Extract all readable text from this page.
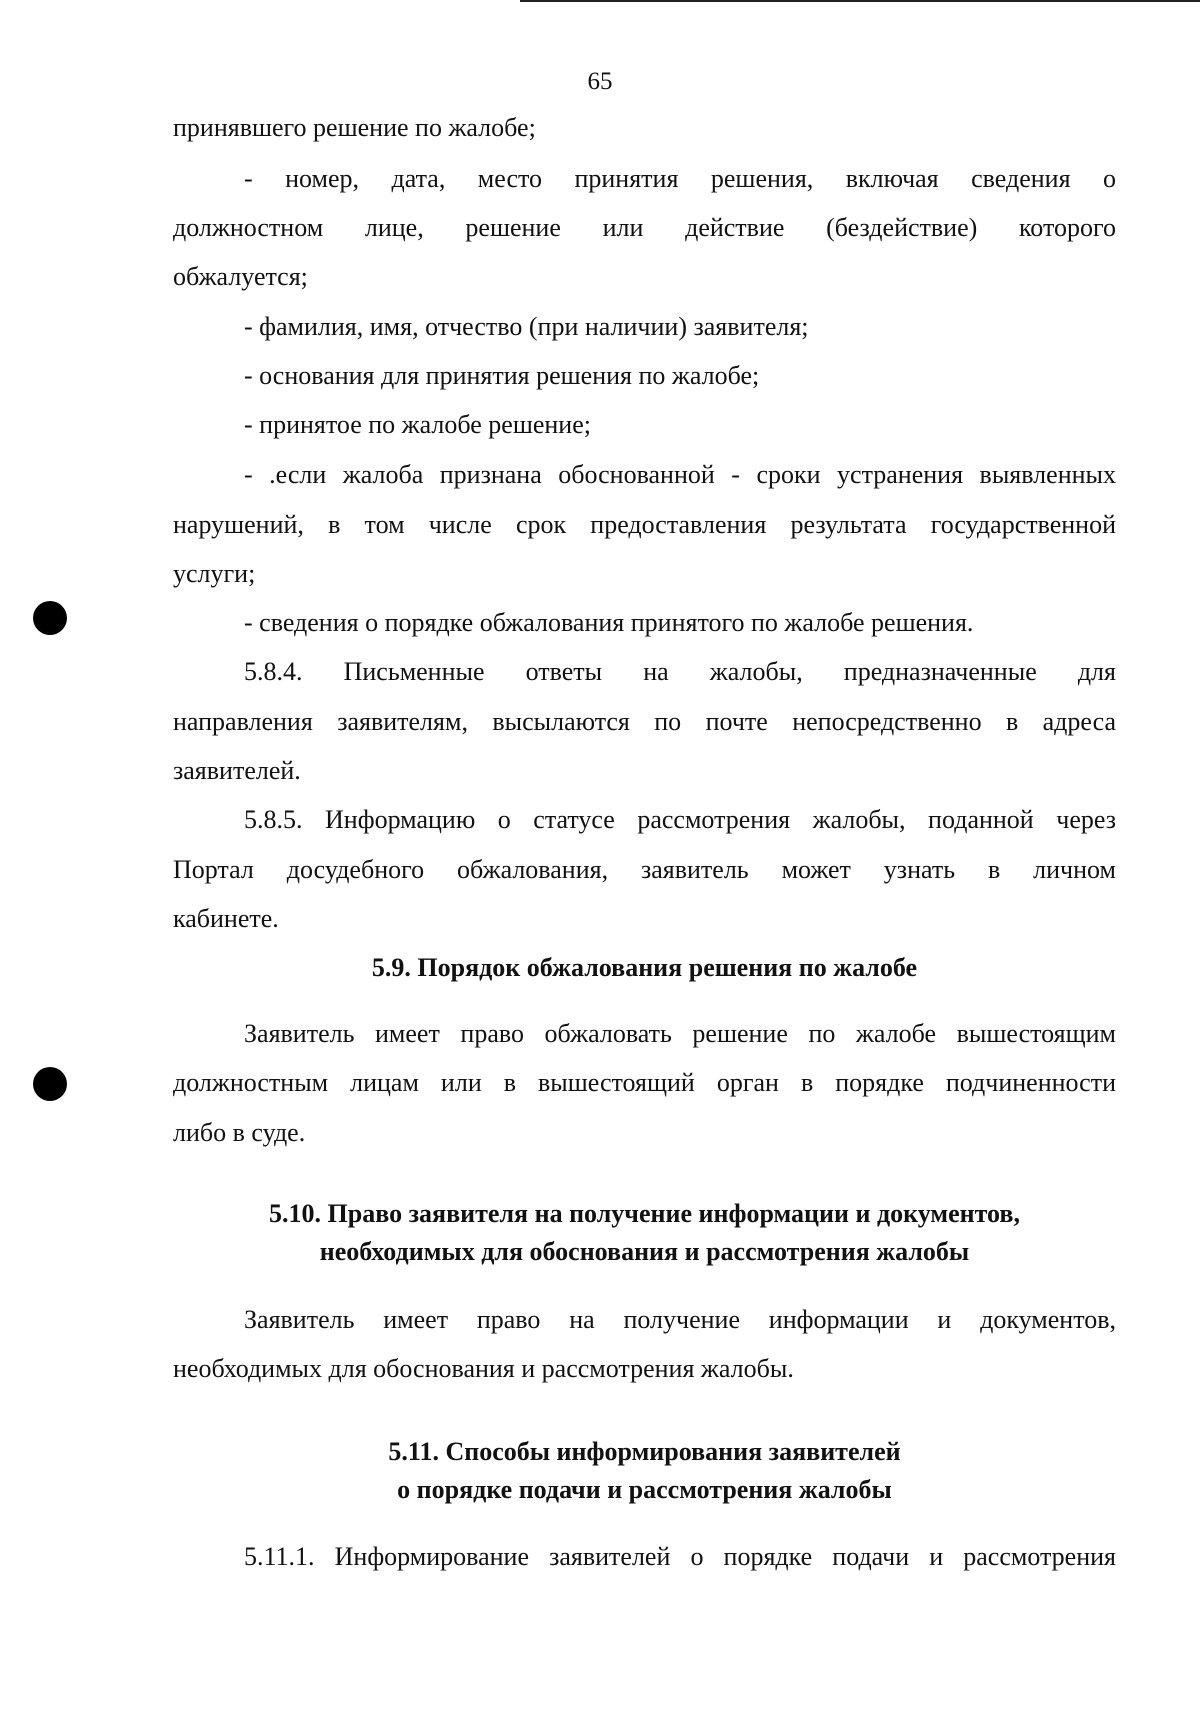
65
принявшего решение по жалобе;
- номер, дата, место принятия решения, включая сведения о
должностном лице, решение или действие (бездействие) которого
обжалуется;
- фамилия, имя, отчество (при наличии) заявителя;
- основания для принятия решения по жалобе;
- принятое по жалобе решение;
- .если жалоба признана обоснованной - сроки устранения выявленных
нарушений, в том числе срок предоставления результата государственной
услуги;
- сведения о порядке обжалования принятого по жалобе решения.
5.8.4. Письменные ответы на жалобы, предназначенные для
направления заявителям, высылаются по почте непосредственно в адреса
заявителей.
5.8.5. Информацию о статусе рассмотрения жалобы, поданной через
Портал досудебного обжалования, заявитель может узнать в личном
кабинете.
5.9. Порядок обжалования решения по жалобе
Заявитель имеет право обжаловать решение по жалобе вышестоящим
должностным лицам или в вышестоящий орган в порядке подчиненности
либо в суде.
5.10. Право заявителя на получение информации и документов,
необходимых для обоснования и рассмотрения жалобы
Заявитель имеет право на получение информации и документов,
необходимых для обоснования и рассмотрения жалобы.
5.11. Способы информирования заявителей
о порядке подачи и рассмотрения жалобы
5.11.1. Информирование заявителей о порядке подачи и рассмотрения
